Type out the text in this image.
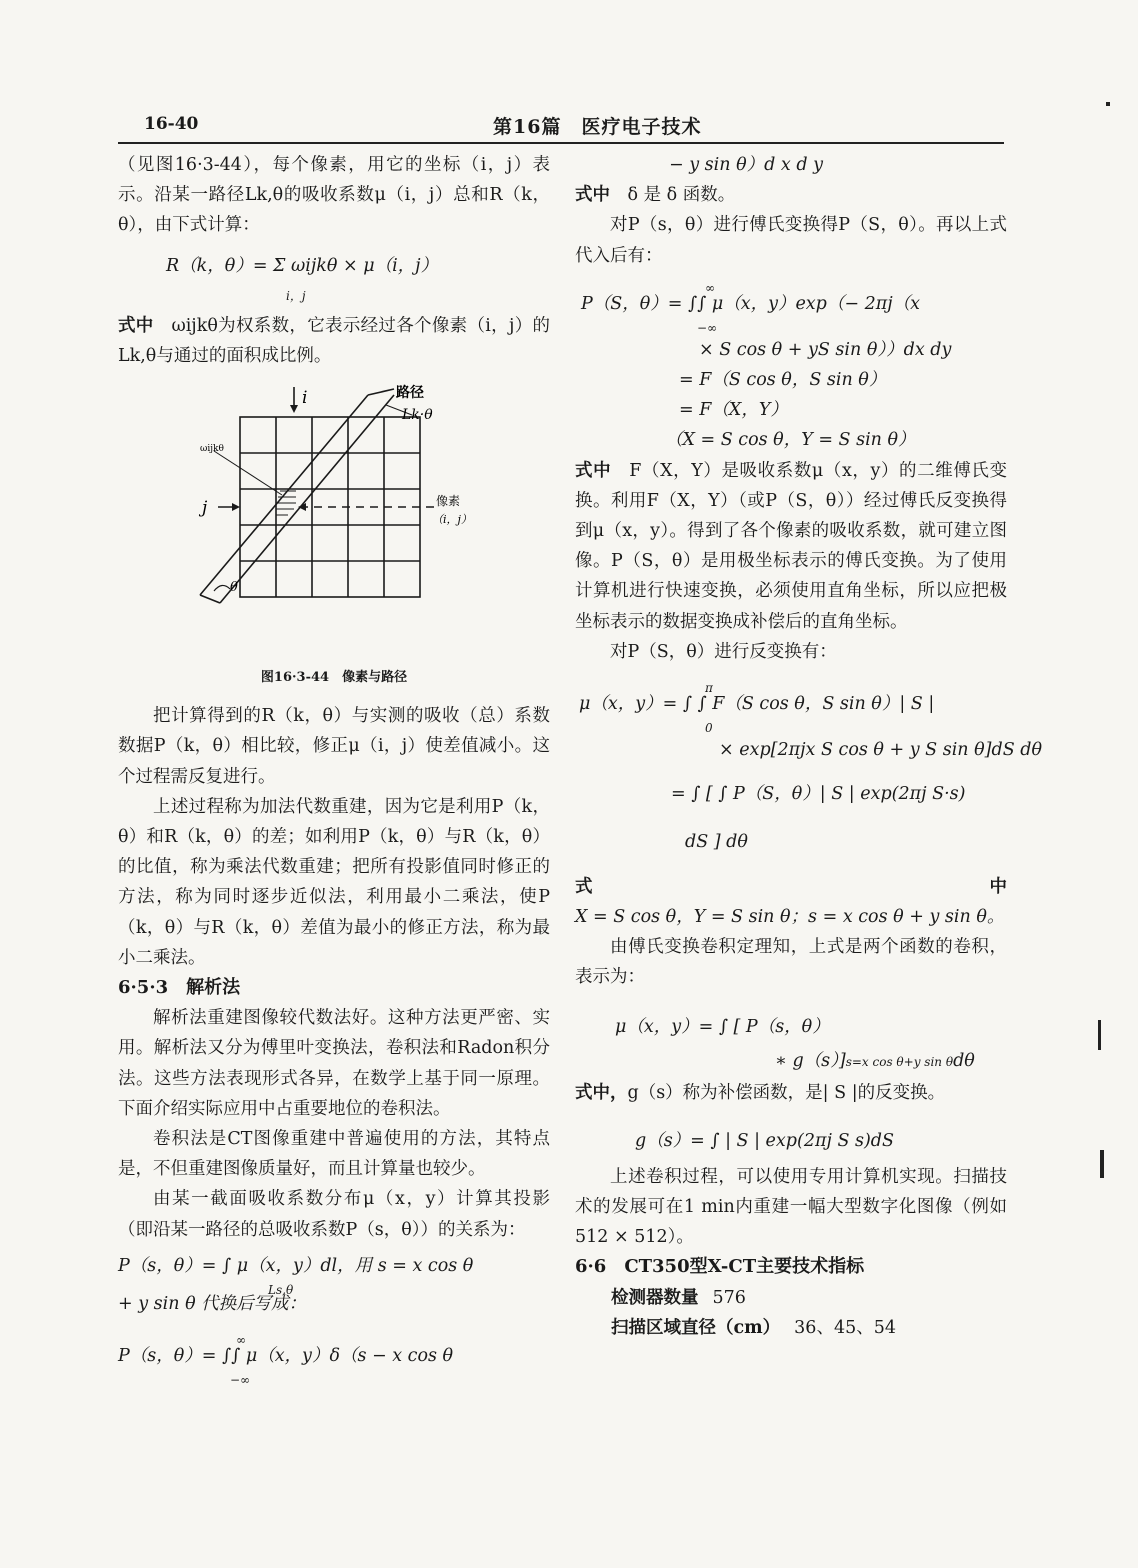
16-40	第16篇　医疗电子技术

（见图16·3-44），每个像素，用它的坐标（i，j）表示。沿某一路径Lk,θ的吸收系数μ（i，j）总和R（k，θ），由下式计算：

R（k，θ）= Σ ωijkθ × μ（i，j）
i，j

式中　 ωijkθ为权系数，它表示经过各个像素（i，j）的Lk,θ与通过的面积成比例。

i
j
路径
Lk·θ
ωijkθ
像素
（i，j）
θ
图16·3-44　像素与路径

把计算得到的R（k，θ）与实测的吸收（总）系数数据P（k，θ）相比较，修正μ（i，j）使差值减小。这个过程需反复进行。

上述过程称为加法代数重建，因为它是利用P（k，θ）和R（k，θ）的差；如利用P（k，θ）与R（k，θ）的比值，称为乘法代数重建；把所有投影值同时修正的方法，称为同时逐步近似法，利用最小二乘法，使P（k，θ）与R（k，θ）差值为最小的修正方法，称为最小二乘法。

6·5·3　解析法

解析法重建图像较代数法好。这种方法更严密、实用。解析法又分为傅里叶变换法，卷积法和Radon积分法。这些方法表现形式各异，在数学上基于同一原理。下面介绍实际应用中占重要地位的卷积法。

卷积法是CT图像重建中普遍使用的方法，其特点是，不但重建图像质量好，而且计算量也较少。

由某一截面吸收系数分布μ（x，y）计算其投影（即沿某一路径的总吸收系数P（s，θ））的关系为：

P（s，θ）= ∫ μ（x，y）dl，用 s = x cos θ
Ls,θ

+ y sin θ 代换后写成：

P（s，θ）= ∫∫ μ（x，y）δ（s − x cos θ
∞
−∞

− y sin θ）d x d y

式中　 δ 是 δ 函数。

对P（s，θ）进行傅氏变换得P（S，θ）。再以上式代入后有：

P（S，θ）= ∫∫ μ（x，y）exp（− 2πj（x
∞
−∞

× S cos θ + yS sin θ））dx dy

= F（S cos θ，S sin θ）

= F（X，Y）

（X = S cos θ，Y = S sin θ）

式中　 F（X，Y）是吸收系数μ（x，y）的二维傅氏变换。利用F（X，Y）（或P（S，θ））经过傅氏反变换得到μ（x，y）。得到了各个像素的吸收系数，就可建立图像。P（S，θ）是用极坐标表示的傅氏变换。为了使用计算机进行快速变换，必须使用直角坐标，所以应把极坐标表示的数据变换成补偿后的直角坐标。

对P（S，θ）进行反变换有：

μ（x，y）= ∫ ∫ F（S cos θ，S sin θ）| S |
π
0

× exp[2πjx S cos θ + y S sin θ]dS dθ

= ∫ [ ∫ P（S，θ）| S | exp(2πj S·s)

dS ] dθ

式中　X = S cos θ，Y = S sin θ；s = x cos θ + y sin θ。

由傅氏变换卷积定理知，上式是两个函数的卷积，表示为：

μ（x，y）= ∫ [ P（s，θ）

∗ g（s）]s=x cos θ+y sin θdθ

式中，g（s）称为补偿函数，是| S |的反变换。

g（s）= ∫ | S | exp(2πj S s)dS

上述卷积过程，可以使用专用计算机实现。扫描技术的发展可在1 min内重建一幅大型数字化图像（例如512 × 512）。

6·6　CT350型X-CT主要技术指标
检测器数量 576
扫描区域直径（cm） 36、45、54
